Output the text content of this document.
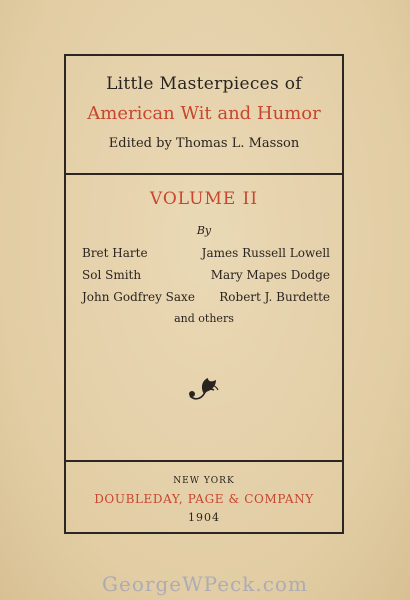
Little Masterpieces of
American Wit and Humor
Edited by Thomas L. Masson
VOLUME II
By
Bret Harte	James Russell Lowell
Sol Smith	Mary Mapes Dodge
John Godfrey Saxe Robert J. Burdette
and others
NEW YORK
DOUBLEDAY, PAGE & COMPANY
1904
GeorgeWPeck.com
